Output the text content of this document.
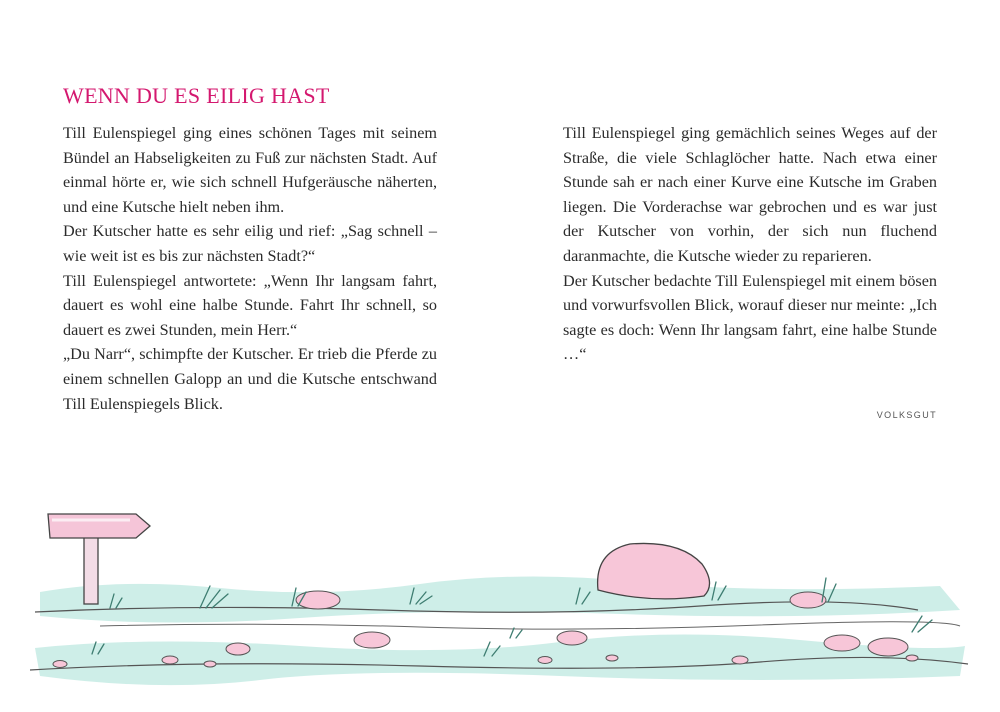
WENN DU ES EILIG HAST

Till Eulenspiegel ging eines schönen Tages mit seinem Bündel an Habseligkeiten zu Fuß zur nächsten Stadt. Auf einmal hörte er, wie sich schnell Hufgeräusche näherten, und eine Kutsche hielt neben ihm.

Der Kutscher hatte es sehr eilig und rief: „Sag schnell – wie weit ist es bis zur nächsten Stadt?“

Till Eulenspiegel antwortete: „Wenn Ihr langsam fahrt, dauert es wohl eine halbe Stunde. Fahrt Ihr schnell, so dauert es zwei Stunden, mein Herr.“

„Du Narr“, schimpfte der Kutscher. Er trieb die Pferde zu einem schnellen Galopp an und die Kutsche entschwand Till Eulenspiegels Blick.

Till Eulenspiegel ging gemächlich seines Weges auf der Straße, die viele Schlaglöcher hatte. Nach etwa einer Stunde sah er nach einer Kurve eine Kutsche im Graben liegen. Die Vorderachse war gebrochen und es war just der Kutscher von vorhin, der sich nun fluchend daranmachte, die Kutsche wieder zu reparieren.

Der Kutscher bedachte Till Eulenspiegel mit einem bösen und vorwurfsvollen Blick, worauf dieser nur meinte: „Ich sagte es doch: Wenn Ihr langsam fahrt, eine halbe Stunde …“

VOLKSGUT
